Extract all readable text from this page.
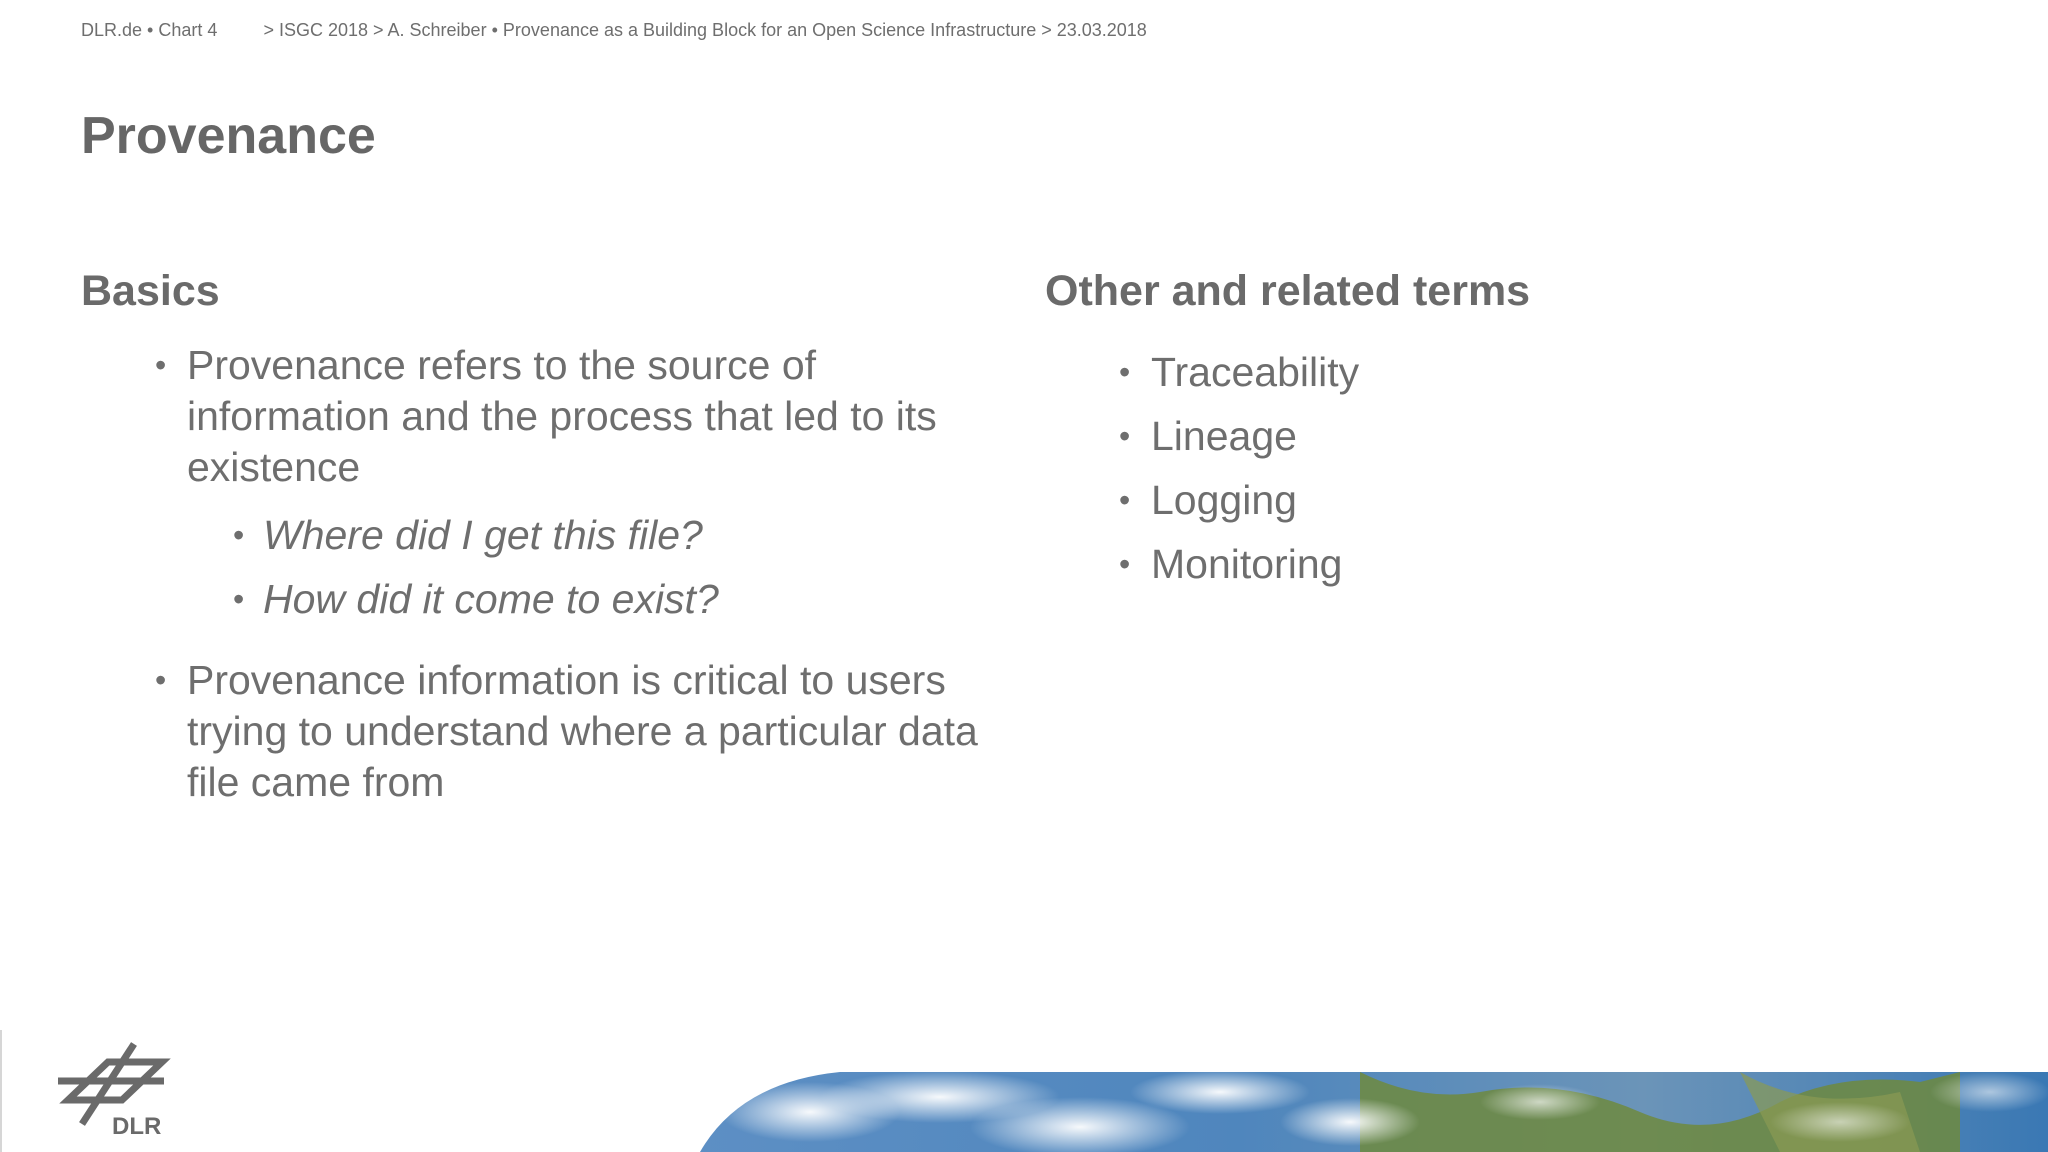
DLR.de • Chart 4	> ISGC 2018 > A. Schreiber • Provenance as a Building Block for an Open Science Infrastructure > 23.03.2018
Provenance
Basics
• Provenance refers to the source of information and the process that led to its existence
• Where did I get this file?
• How did it come to exist?
• Provenance information is critical to users trying to understand where a particular data file came from
Other and related terms
• Traceability
• Lineage
• Logging
• Monitoring
DLR
